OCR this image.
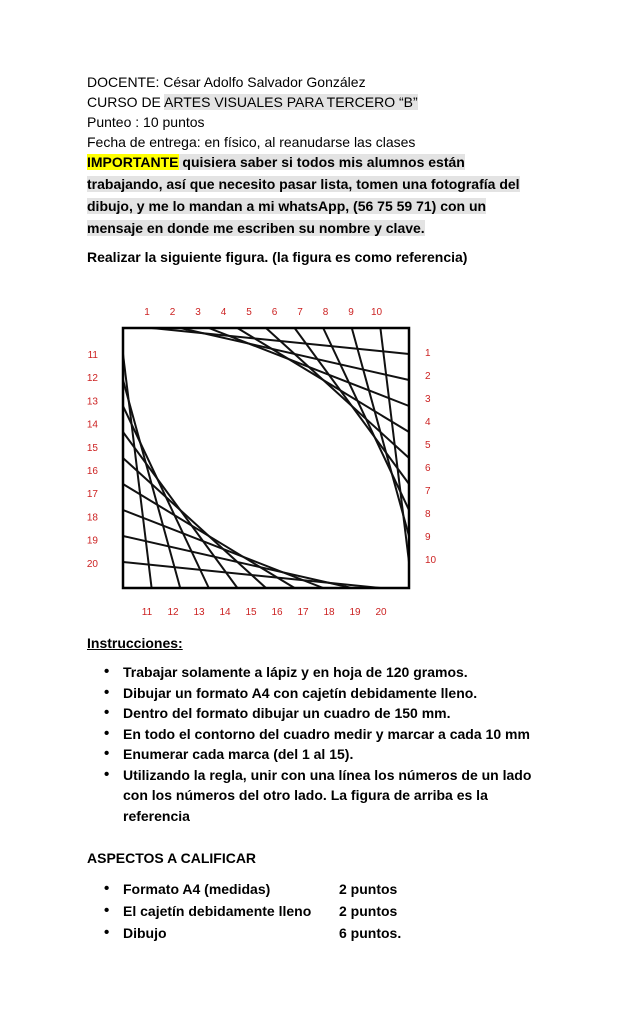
DOCENTE: César Adolfo Salvador González
CURSO DE ARTES VISUALES PARA TERCERO “B”
Punteo : 10 puntos
Fecha de entrega: en físico, al reanudarse las clases
IMPORTANTE quisiera saber si todos mis alumnos están
trabajando, así que necesito pasar lista, tomen una fotografía del
dibujo, y me lo mandan a mi whatsApp, (56 75 59 71) con un
mensaje en donde me escriben su nombre y clave.
Realizar la siguiente figura. (la figura es como referencia)
1 2 3 4 5 6 7 8 9 10
1
2
3
4
5
6
7
8
9
10
11
12
13
14
15
16
17
18
19
20
11 12 13 14 15 16 17 18 19 20
Instrucciones:
• Trabajar solamente a lápiz y en hoja de 120 gramos.
• Dibujar un formato A4 con cajetín debidamente lleno.
• Dentro del formato dibujar un cuadro de 150 mm.
• En todo el contorno del cuadro medir y marcar a cada 10 mm
• Enumerar cada marca (del 1 al 15).
• Utilizando la regla, unir con una línea los números de un lado
con los números del otro lado. La figura de arriba es la
referencia
ASPECTOS A CALIFICAR
• Formato A4 (medidas)	2 puntos
• El cajetín debidamente lleno	2 puntos
• Dibujo	6 puntos.
